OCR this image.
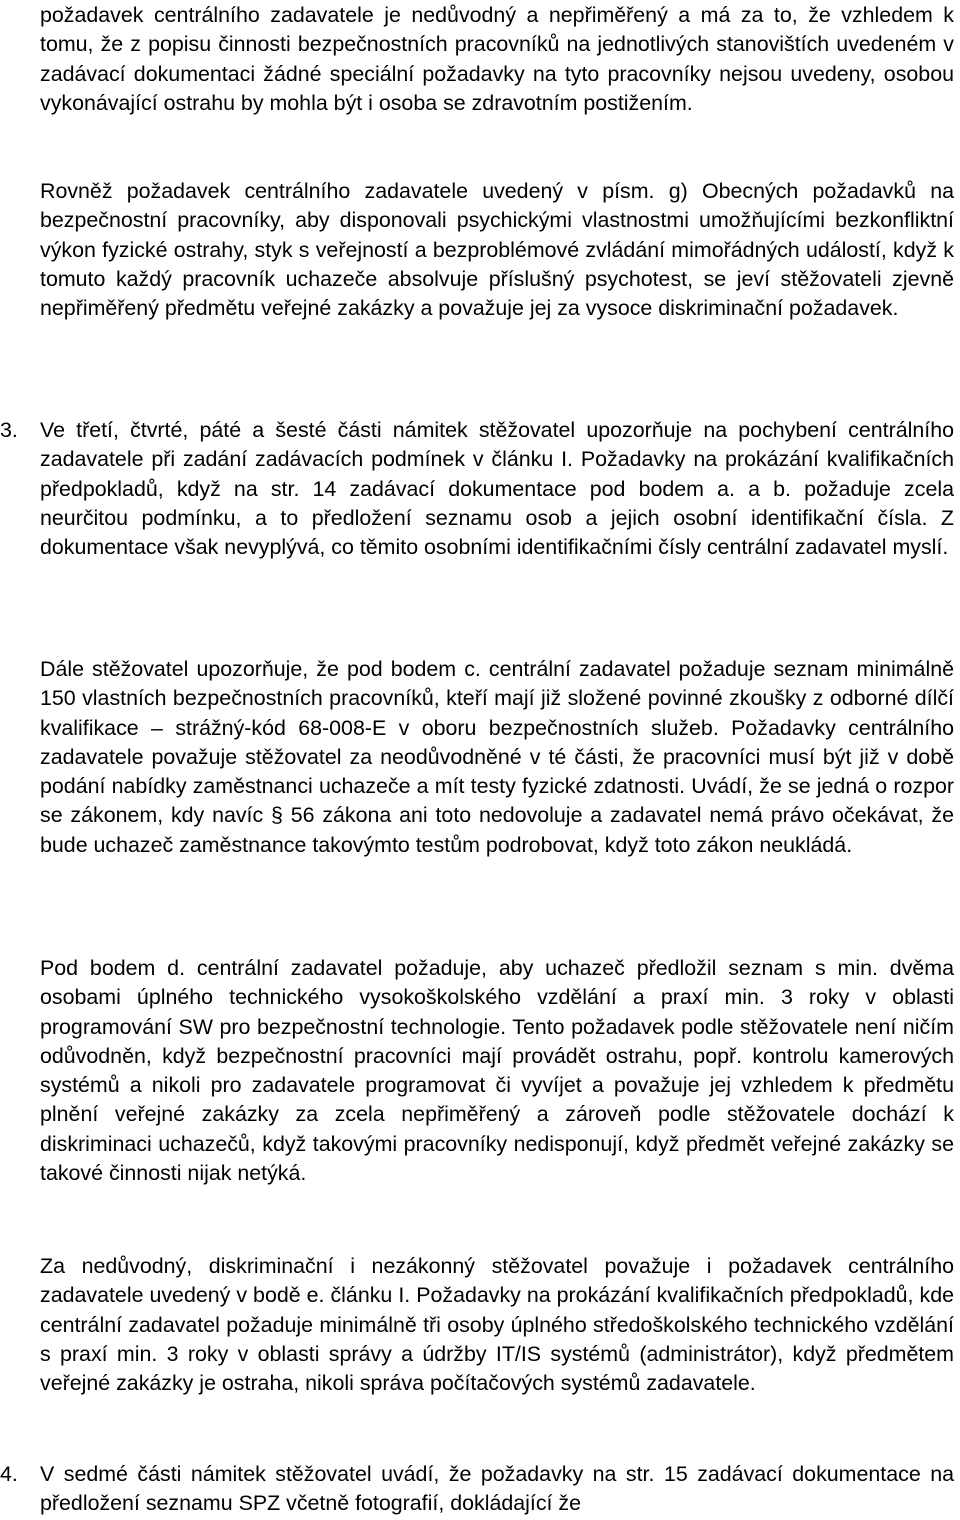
požadavek centrálního zadavatele je nedůvodný a nepřiměřený a má za to, že vzhledem k tomu, že z popisu činnosti bezpečnostních pracovníků na jednotlivých stanovištích uvedeném v zadávací dokumentaci žádné speciální požadavky na tyto pracovníky nejsou uvedeny, osobou vykonávající ostrahu by mohla být i osoba se zdravotním postižením.

Rovněž požadavek centrálního zadavatele uvedený v písm. g) Obecných požadavků na bezpečnostní pracovníky, aby disponovali psychickými vlastnostmi umožňujícími bezkonfliktní výkon fyzické ostrahy, styk s veřejností a bezproblémové zvládání mimořádných událostí, když k tomuto každý pracovník uchazeče absolvuje příslušný psychotest, se jeví stěžovateli zjevně nepřiměřený předmětu veřejné zakázky a považuje jej za vysoce diskriminační požadavek.

3. Ve třetí, čtvrté, páté a šesté části námitek stěžovatel upozorňuje na pochybení centrálního zadavatele při zadání zadávacích podmínek v článku I. Požadavky na prokázání kvalifikačních předpokladů, když na str. 14 zadávací dokumentace pod bodem a. a b. požaduje zcela neurčitou podmínku, a to předložení seznamu osob a jejich osobní identifikační čísla. Z dokumentace však nevyplývá, co těmito osobními identifikačními čísly centrální zadavatel myslí.

Dále stěžovatel upozorňuje, že pod bodem c. centrální zadavatel požaduje seznam minimálně 150 vlastních bezpečnostních pracovníků, kteří mají již složené povinné zkoušky z odborné dílčí kvalifikace – strážný-kód 68-008-E v oboru bezpečnostních služeb. Požadavky centrálního zadavatele považuje stěžovatel za neodůvodněné v té části, že pracovníci musí být již v době podání nabídky zaměstnanci uchazeče a mít testy fyzické zdatnosti. Uvádí, že se jedná o rozpor se zákonem, kdy navíc § 56 zákona ani toto nedovoluje a zadavatel nemá právo očekávat, že bude uchazeč zaměstnance takovýmto testům podrobovat, když toto zákon neukládá.

Pod bodem d. centrální zadavatel požaduje, aby uchazeč předložil seznam s min. dvěma osobami úplného technického vysokoškolského vzdělání a praxí min. 3 roky v oblasti programování SW pro bezpečnostní technologie. Tento požadavek podle stěžovatele není ničím odůvodněn, když bezpečnostní pracovníci mají provádět ostrahu, popř. kontrolu kamerových systémů a nikoli pro zadavatele programovat či vyvíjet a považuje jej vzhledem k předmětu plnění veřejné zakázky za zcela nepřiměřený a zároveň podle stěžovatele dochází k diskriminaci uchazečů, když takovými pracovníky nedisponují, když předmět veřejné zakázky se takové činnosti nijak netýká.

Za nedůvodný, diskriminační i nezákonný stěžovatel považuje i požadavek centrálního zadavatele uvedený v bodě e. článku I. Požadavky na prokázání kvalifikačních předpokladů, kde centrální zadavatel požaduje minimálně tři osoby úplného středoškolského technického vzdělání s praxí min. 3 roky v oblasti správy a údržby IT/IS systémů (administrátor), když předmětem veřejné zakázky je ostraha, nikoli správa počítačových systémů zadavatele.

4. V sedmé části námitek stěžovatel uvádí, že požadavky na str. 15 zadávací dokumentace na předložení seznamu SPZ včetně fotografií, dokládající že
